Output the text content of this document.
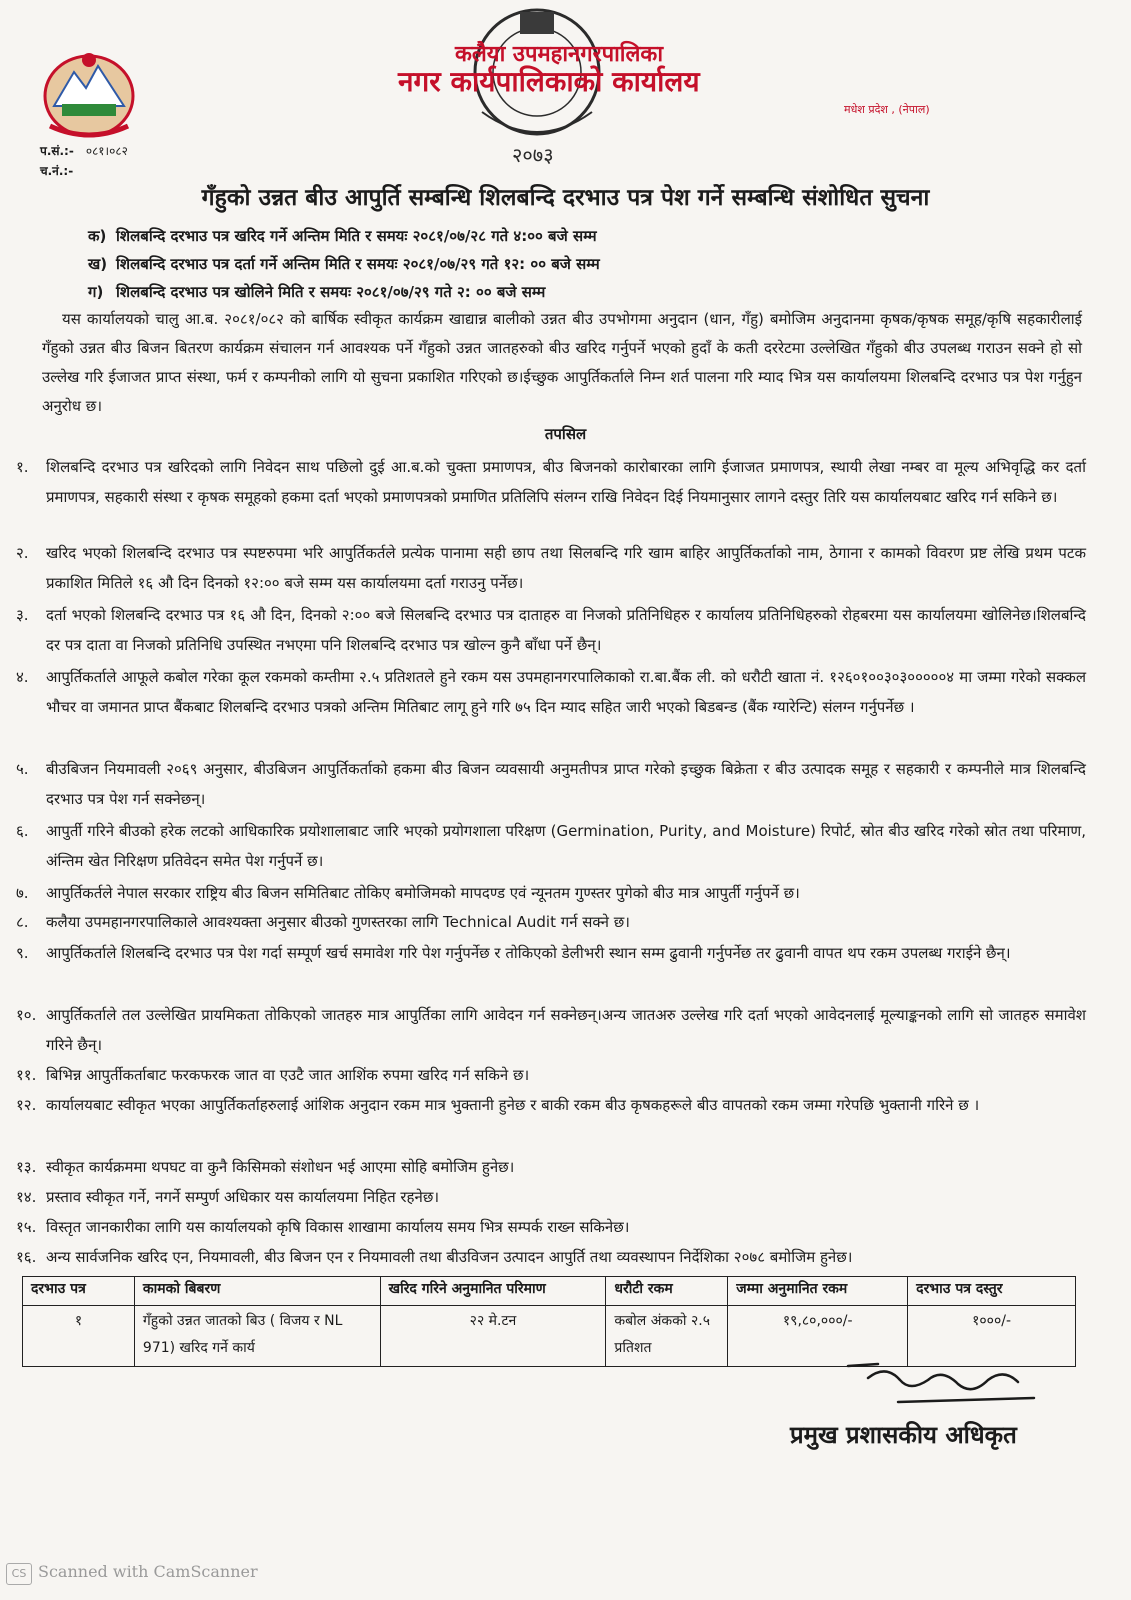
२०७३
कलैया उपमहानगरपालिका
नगर कार्यपालिकाको कार्यालय
मधेश प्रदेश , (नेपाल)
प.सं.:- ०८१।०८२
च.नं.:-
गँहुको उन्नत बीउ आपुर्ति सम्बन्धि शिलबन्दि दरभाउ पत्र पेश गर्ने सम्बन्धि संशोधित सुचना
क) शिलबन्दि दरभाउ पत्र खरिद गर्ने अन्तिम मिति र समयः २०८१/०७/२८ गते ४:०० बजे सम्म
ख) शिलबन्दि दरभाउ पत्र दर्ता गर्ने अन्तिम मिति र समयः २०८१/०७/२९ गते १२: ०० बजे सम्म
ग) शिलबन्दि दरभाउ पत्र खोलिने मिति र समयः २०८१/०७/२९ गते २: ०० बजे सम्म
यस कार्यालयको चालु आ.ब. २०८१/०८२ को बार्षिक स्वीकृत कार्यक्रम खाद्यान्न बालीको उन्नत बीउ उपभोगमा अनुदान (धान, गँहु) बमोजिम अनुदानमा कृषक/कृषक समूह/कृषि सहकारीलाई गँहुको उन्नत बीउ बिजन बितरण कार्यक्रम संचालन गर्न आवश्यक पर्ने गँहुको उन्नत जातहरुको बीउ खरिद गर्नुपर्ने भएको हुदाँ के कती दररेटमा उल्लेखित गँहुको बीउ उपलब्ध गराउन सक्ने हो सो उल्लेख गरि ईजाजत प्राप्त संस्था, फर्म र कम्पनीको लागि यो सुचना प्रकाशित गरिएको छ।ईच्छुक आपुर्तिकर्ताले निम्न शर्त पालना गरि म्याद भित्र यस कार्यालयमा शिलबन्दि दरभाउ पत्र पेश गर्नुहुन अनुरोध छ।
तपसिल
१.	शिलबन्दि दरभाउ पत्र खरिदको लागि निवेदन साथ पछिलो दुई आ.ब.को चुक्ता प्रमाणपत्र, बीउ बिजनको कारोबारका लागि ईजाजत प्रमाणपत्र, स्थायी लेखा नम्बर वा मूल्य अभिवृद्धि कर दर्ता प्रमाणपत्र, सहकारी संस्था र कृषक समूहको हकमा दर्ता भएको प्रमाणपत्रको प्रमाणित प्रतिलिपि संलग्न राखि निवेदन दिई नियमानुसार लागने दस्तुर तिरि यस कार्यालयबाट खरिद गर्न सकिने छ।
२.	खरिद भएको शिलबन्दि दरभाउ पत्र स्पष्टरुपमा भरि आपुर्तिकर्तले प्रत्येक पानामा सही छाप तथा सिलबन्दि गरि खाम बाहिर आपुर्तिकर्ताको नाम, ठेगाना र कामको विवरण प्रष्ट लेखि प्रथम पटक प्रकाशित मितिले १६ औ दिन दिनको १२:०० बजे सम्म यस कार्यालयमा दर्ता गराउनु पर्नेछ।
३.	दर्ता भएको शिलबन्दि दरभाउ पत्र १६ औ दिन, दिनको २:०० बजे सिलबन्दि दरभाउ पत्र दाताहरु वा निजको प्रतिनिधिहरु र कार्यालय प्रतिनिधिहरुको रोहबरमा यस कार्यालयमा खोलिनेछ।शिलबन्दि दर पत्र दाता वा निजको प्रतिनिधि उपस्थित नभएमा पनि शिलबन्दि दरभाउ पत्र खोल्न कुनै बाँधा पर्ने छैन्।
४.	आपुर्तिकर्ताले आफूले कबोल गरेका कूल रकमको कम्तीमा २.५ प्रतिशतले हुने रकम यस उपमहानगरपालिकाको रा.बा.बैंक ली. को धरौटी खाता नं. १२६०१००३०३०००००४ मा जम्मा गरेको सक्कल भौचर वा जमानत प्राप्त बैंकबाट शिलबन्दि दरभाउ पत्रको अन्तिम मितिबाट लागू हुने गरि ७५ दिन म्याद सहित जारी भएको बिडबन्ड (बैंक ग्यारेन्टि) संलग्न गर्नुपर्नेछ ।
५.	बीउबिजन नियमावली २०६९ अनुसार, बीउबिजन आपुर्तिकर्ताको हकमा बीउ बिजन व्यवसायी अनुमतीपत्र प्राप्त गरेको इच्छुक बिक्रेता र बीउ उत्पादक समूह र सहकारी र कम्पनीले मात्र शिलबन्दि दरभाउ पत्र पेश गर्न सक्नेछन्।
६.	आपुर्ती गरिने बीउको हरेक लटको आधिकारिक प्रयोशालाबाट जारि भएको प्रयोगशाला परिक्षण (Germination, Purity, and Moisture) रिपोर्ट, स्रोत बीउ खरिद गरेको स्रोत तथा परिमाण, अंन्तिम खेत निरिक्षण प्रतिवेदन समेत पेश गर्नुपर्ने छ।
७.	आपुर्तिकर्तले नेपाल सरकार राष्ट्रिय बीउ बिजन समितिबाट तोकिए बमोजिमको मापदण्ड एवं न्यूनतम गुण्स्तर पुगेको बीउ मात्र आपुर्ती गर्नुपर्ने छ।
८.	कलैया उपमहानगरपालिकाले आवश्यक्ता अनुसार बीउको गुणस्तरका लागि Technical Audit गर्न सक्ने छ।
९.	आपुर्तिकर्ताले शिलबन्दि दरभाउ पत्र पेश गर्दा सम्पूर्ण खर्च समावेश गरि पेश गर्नुपर्नेछ र तोकिएको डेलीभरी स्थान सम्म ढुवानी गर्नुपर्नेछ तर ढुवानी वापत थप रकम उपलब्ध गराईने छैन्।
१०. आपुर्तिकर्ताले तल उल्लेखित प्रायमिकता तोकिएको जातहरु मात्र आपुर्तिका लागि आवेदन गर्न सक्नेछन्।अन्य जातअरु उल्लेख गरि दर्ता भएको आवेदनलाई मूल्याङ्कनको लागि सो जातहरु समावेश गरिने छैन्।
११. बिभिन्न आपुर्तीकर्ताबाट फरकफरक जात वा एउटै जात आशिंक रुपमा खरिद गर्न सकिने छ।
१२. कार्यालयबाट स्वीकृत भएका आपुर्तिकर्ताहरुलाई आंशिक अनुदान रकम मात्र भुक्तानी हुनेछ र बाकी रकम बीउ कृषकहरूले बीउ वापतको रकम जम्मा गरेपछि भुक्तानी गरिने छ ।
१३. स्वीकृत कार्यक्रममा थपघट वा कुनै किसिमको संशोधन भई आएमा सोहि बमोजिम हुनेछ।
१४. प्रस्ताव स्वीकृत गर्ने, नगर्ने सम्पुर्ण अधिकार यस कार्यालयमा निहित रहनेछ।
१५. विस्तृत जानकारीका लागि यस कार्यालयको कृषि विकास शाखामा कार्यालय समय भित्र सम्पर्क राख्न सकिनेछ।
१६. अन्य सार्वजनिक खरिद एन, नियमावली, बीउ बिजन एन र नियमावली तथा बीउविजन उत्पादन आपुर्ति तथा व्यवस्थापन निर्देशिका २०७८ बमोजिम हुनेछ।
दरभाउ पत्र	कामको बिबरण	खरिद गरिने अनुमानित परिमाण	धरौटी रकम	जम्मा अनुमानित रकम	दरभाउ पत्र दस्तुर
१	गँहुको उन्नत जातको बिउ ( विजय र NL 971) खरिद गर्ने कार्य	२२ मे.टन	कबोल अंकको २.५ प्रतिशत	१९,८०,०००/-	१०००/-
प्रमुख प्रशासकीय अधिकृत
CS Scanned with CamScanner
